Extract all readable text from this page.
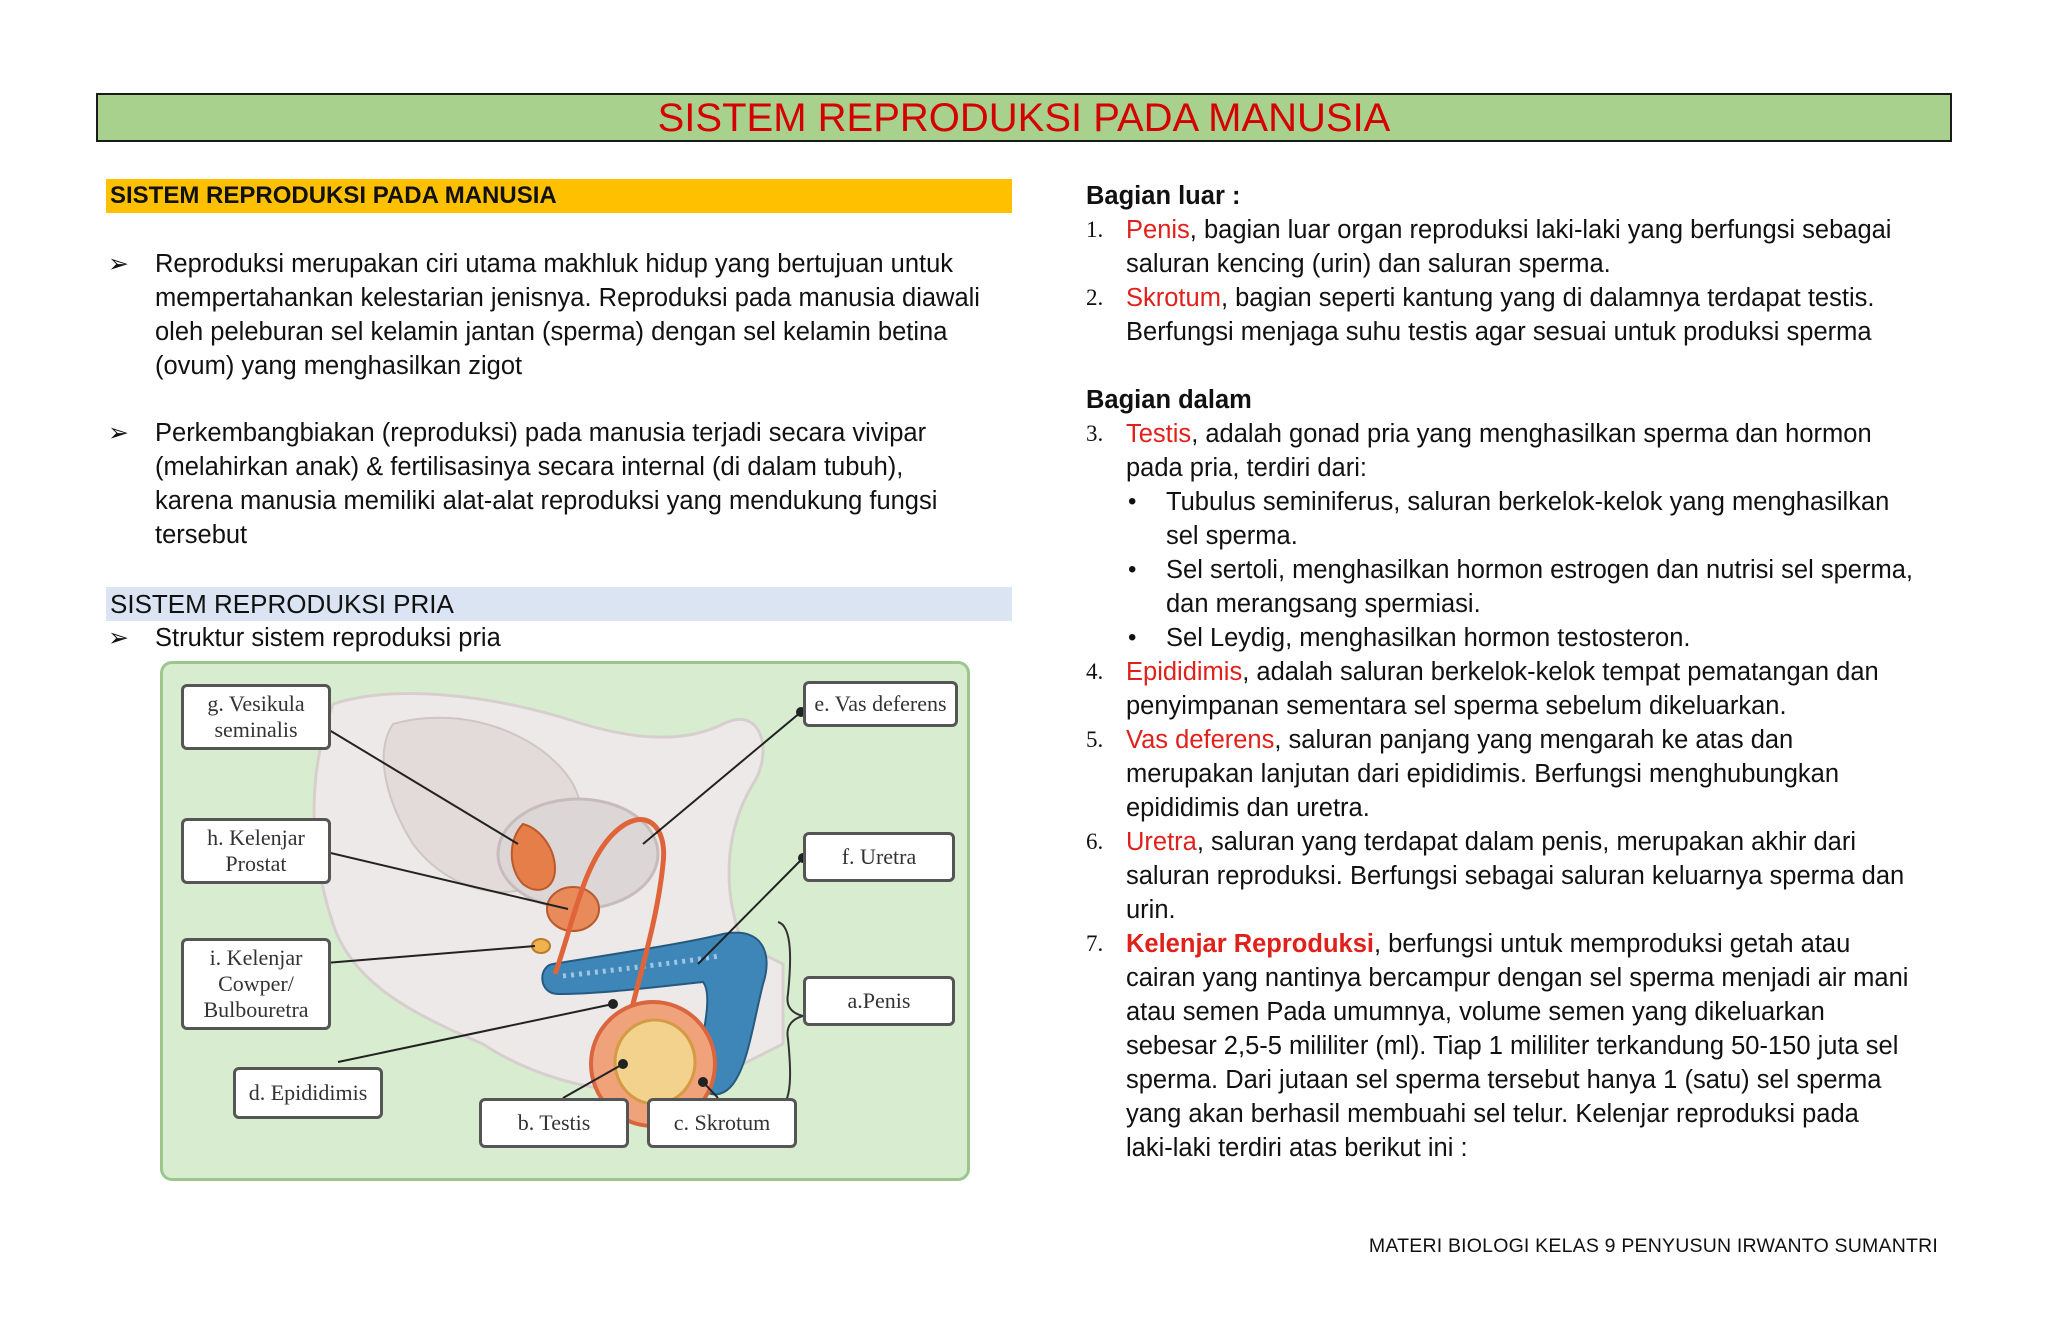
SISTEM REPRODUKSI PADA MANUSIA
SISTEM REPRODUKSI PADA MANUSIA
➢ Reproduksi merupakan ciri utama makhluk hidup yang bertujuan untuk
mempertahankan kelestarian jenisnya. Reproduksi pada manusia diawali
oleh peleburan sel kelamin jantan (sperma) dengan sel kelamin betina
(ovum) yang menghasilkan zigot
➢ Perkembangbiakan (reproduksi) pada manusia terjadi secara vivipar
(melahirkan anak) & fertilisasinya secara internal (di dalam tubuh),
karena manusia memiliki alat-alat reproduksi yang mendukung fungsi
tersebut
SISTEM REPRODUKSI PRIA
➢ Struktur sistem reproduksi pria
g. Vesikula
seminalis
h. Kelenjar
Prostat
i. Kelenjar
Cowper/
Bulbouretra
d. Epididimis
b. Testis	c. Skrotum
e. Vas deferens
f. Uretra
a.Penis
Bagian luar :
1. Penis, bagian luar organ reproduksi laki-laki yang berfungsi sebagai
saluran kencing (urin) dan saluran sperma.
2. Skrotum, bagian seperti kantung yang di dalamnya terdapat testis.
Berfungsi menjaga suhu testis agar sesuai untuk produksi sperma
Bagian dalam
3. Testis, adalah gonad pria yang menghasilkan sperma dan hormon
pada pria, terdiri dari:
• Tubulus seminiferus, saluran berkelok-kelok yang menghasilkan
sel sperma.
• Sel sertoli, menghasilkan hormon estrogen dan nutrisi sel sperma,
dan merangsang spermiasi.
• Sel Leydig, menghasilkan hormon testosteron.
4. Epididimis, adalah saluran berkelok-kelok tempat pematangan dan
penyimpanan sementara sel sperma sebelum dikeluarkan.
5. Vas deferens, saluran panjang yang mengarah ke atas dan
merupakan lanjutan dari epididimis. Berfungsi menghubungkan
epididimis dan uretra.
6. Uretra, saluran yang terdapat dalam penis, merupakan akhir dari
saluran reproduksi. Berfungsi sebagai saluran keluarnya sperma dan
urin.
7. Kelenjar Reproduksi, berfungsi untuk memproduksi getah atau
cairan yang nantinya bercampur dengan sel sperma menjadi air mani
atau semen Pada umumnya, volume semen yang dikeluarkan
sebesar 2,5-5 mililiter (ml). Tiap 1 mililiter terkandung 50-150 juta sel
sperma. Dari jutaan sel sperma tersebut hanya 1 (satu) sel sperma
yang akan berhasil membuahi sel telur. Kelenjar reproduksi pada
laki-laki terdiri atas berikut ini :
MATERI BIOLOGI KELAS 9 PENYUSUN IRWANTO SUMANTRI
